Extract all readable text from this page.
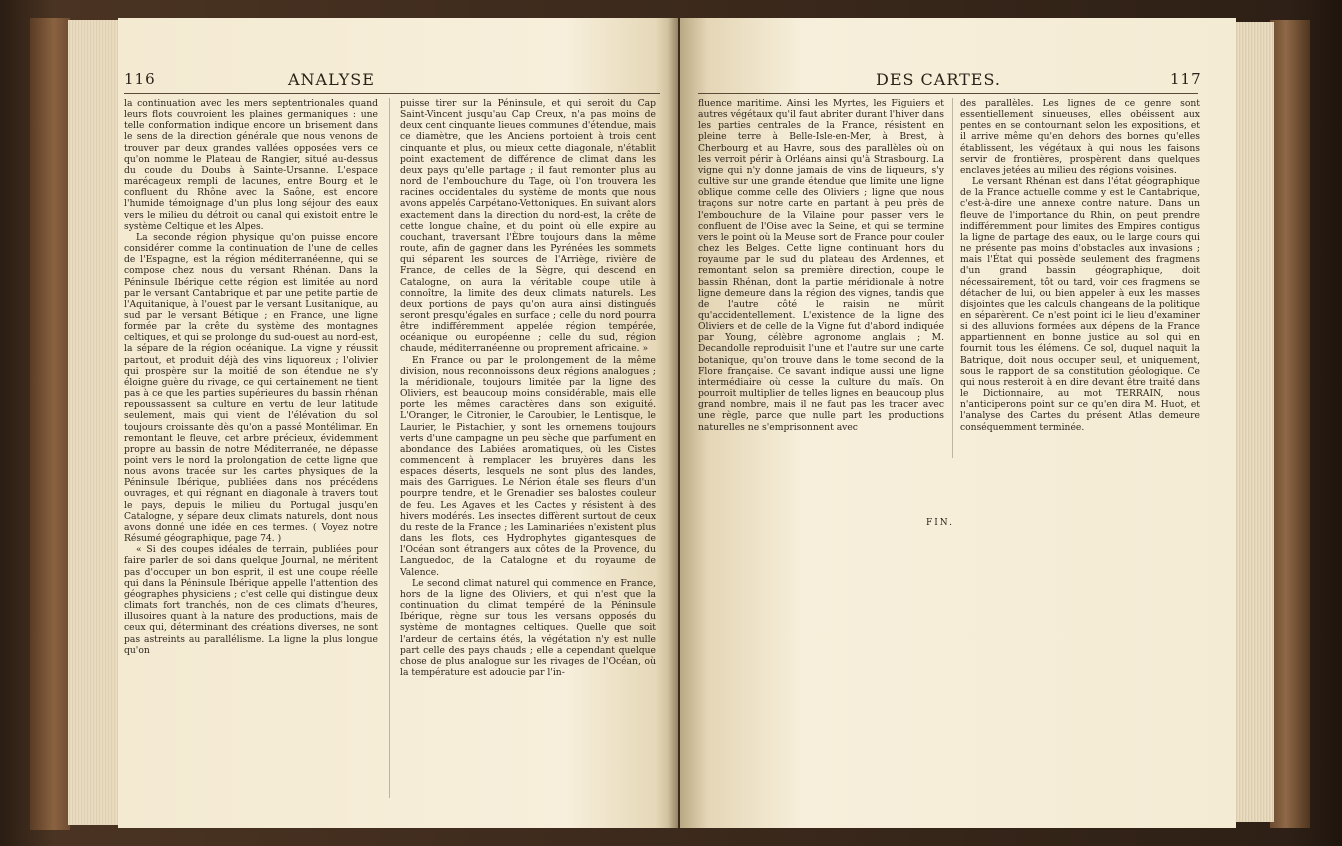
116	ANALYSE

la continuation avec les mers septentrionales quand leurs flots couvroient les plaines germaniques : une telle conformation indique encore un brisement dans le sens de la direction générale que nous venons de trouver par deux grandes vallées opposées vers ce qu'on nomme le Plateau de Rangier, situé au-dessus du coude du Doubs à Sainte-Ursanne. L'espace marécageux rempli de lacunes, entre Bourg et le confluent du Rhône avec la Saône, est encore l'humide témoignage d'un plus long séjour des eaux vers le milieu du détroit ou canal qui existoit entre le système Celtique et les Alpes.

La seconde région physique qu'on puisse encore considérer comme la continuation de l'une de celles de l'Espagne, est la région méditerranéenne, qui se compose chez nous du versant Rhénan. Dans la Péninsule Ibérique cette région est limitée au nord par le versant Cantabrique et par une petite partie de l'Aquitanique, à l'ouest par le versant Lusitanique, au sud par le versant Bétique ; en France, une ligne formée par la crête du système des montagnes celtiques, et qui se prolonge du sud-ouest au nord-est, la sépare de la région océanique. La vigne y réussit partout, et produit déjà des vins liquoreux ; l'olivier qui prospère sur la moitié de son étendue ne s'y éloigne guère du rivage, ce qui certainement ne tient pas à ce que les parties supérieures du bassin rhénan repoussassent sa culture en vertu de leur latitude seulement, mais qui vient de l'élévation du sol toujours croissante dès qu'on a passé Montélimar. En remontant le fleuve, cet arbre précieux, évidemment propre au bassin de notre Méditerranée, ne dépasse point vers le nord la prolongation de cette ligne que nous avons tracée sur les cartes physiques de la Péninsule Ibérique, publiées dans nos précédens ouvrages, et qui régnant en diagonale à travers tout le pays, depuis le milieu du Portugal jusqu'en Catalogne, y sépare deux climats naturels, dont nous avons donné une idée en ces termes. ( Voyez notre Résumé géographique, page 74. )

« Si des coupes idéales de terrain, publiées pour faire parler de soi dans quelque Journal, ne méritent pas d'occuper un bon esprit, il est une coupe réelle qui dans la Péninsule Ibérique appelle l'attention des géographes physiciens ; c'est celle qui distingue deux climats fort tranchés, non de ces climats d'heures, illusoires quant à la nature des productions, mais de ceux qui, déterminant des créations diverses, ne sont pas astreints au parallélisme. La ligne la plus longue qu'on

puisse tirer sur la Péninsule, et qui seroit du Cap Saint-Vincent jusqu'au Cap Creux, n'a pas moins de deux cent cinquante lieues communes d'étendue, mais ce diamètre, que les Anciens portoient à trois cent cinquante et plus, ou mieux cette diagonale, n'établit point exactement de différence de climat dans les deux pays qu'elle partage ; il faut remonter plus au nord de l'embouchure du Tage, où l'on trouvera les racines occidentales du système de monts que nous avons appelés Carpétano-Vettoniques. En suivant alors exactement dans la direction du nord-est, la crête de cette longue chaîne, et du point où elle expire au couchant, traversant l'Èbre toujours dans la même route, afin de gagner dans les Pyrénées les sommets qui séparent les sources de l'Arriège, rivière de France, de celles de la Sègre, qui descend en Catalogne, on aura la véritable coupe utile à connoître, la limite des deux climats naturels. Les deux portions de pays qu'on aura ainsi distingués seront presqu'égales en surface ; celle du nord pourra être indifféremment appelée région tempérée, océanique ou européenne ; celle du sud, région chaude, méditerranéenne ou proprement africaine. »

En France ou par le prolongement de la même division, nous reconnoissons deux régions analogues ; la méridionale, toujours limitée par la ligne des Oliviers, est beaucoup moins considérable, mais elle porte les mêmes caractères dans son exiguité. L'Oranger, le Citronier, le Caroubier, le Lentisque, le Laurier, le Pistachier, y sont les ornemens toujours verts d'une campagne un peu sèche que parfument en abondance des Labiées aromatiques, où les Cistes commencent à remplacer les bruyères dans les espaces déserts, lesquels ne sont plus des landes, mais des Garrigues. Le Nérion étale ses fleurs d'un pourpre tendre, et le Grenadier ses balostes couleur de feu. Les Agaves et les Cactes y résistent à des hivers modérés. Les insectes diffèrent surtout de ceux du reste de la France ; les Laminariées n'existent plus dans les flots, ces Hydrophytes gigantesques de l'Océan sont étrangers aux côtes de la Provence, du Languedoc, de la Catalogne et du royaume de Valence.

Le second climat naturel qui commence en France, hors de la ligne des Oliviers, et qui n'est que la continuation du climat tempéré de la Péninsule Ibérique, règne sur tous les versans opposés du système de montagnes celtiques. Quelle que soit l'ardeur de certains étés, la végétation n'y est nulle part celle des pays chauds ; elle a cependant quelque chose de plus analogue sur les rivages de l'Océan, où la température est adoucie par l'in-

DES CARTES.	117

fluence maritime. Ainsi les Myrtes, les Figuiers et autres végétaux qu'il faut abriter durant l'hiver dans les parties centrales de la France, résistent en pleine terre à Belle-Isle-en-Mer, à Brest, à Cherbourg et au Havre, sous des parallèles où on les verroit périr à Orléans ainsi qu'à Strasbourg. La vigne qui n'y donne jamais de vins de liqueurs, s'y cultive sur une grande étendue que limite une ligne oblique comme celle des Oliviers ; ligne que nous traçons sur notre carte en partant à peu près de l'embouchure de la Vilaine pour passer vers le confluent de l'Oise avec la Seine, et qui se termine vers le point où la Meuse sort de France pour couler chez les Belges. Cette ligne continuant hors du royaume par le sud du plateau des Ardennes, et remontant selon sa première direction, coupe le bassin Rhénan, dont la partie méridionale à notre ligne demeure dans la région des vignes, tandis que de l'autre côté le raisin ne mûrit qu'accidentellement. L'existence de la ligne des Oliviers et de celle de la Vigne fut d'abord indiquée par Young, célèbre agronome anglais ; M. Decandolle reproduisit l'une et l'autre sur une carte botanique, qu'on trouve dans le tome second de la Flore française. Ce savant indique aussi une ligne intermédiaire où cesse la culture du maïs. On pourroit multiplier de telles lignes en beaucoup plus grand nombre, mais il ne faut pas les tracer avec une règle, parce que nulle part les productions naturelles ne s'emprisonnent avec

des parallèles. Les lignes de ce genre sont essentiellement sinueuses, elles obéissent aux pentes en se contournant selon les expositions, et il arrive même qu'en dehors des bornes qu'elles établissent, les végétaux à qui nous les faisons servir de frontières, prospèrent dans quelques enclaves jetées au milieu des régions voisines.

Le versant Rhénan est dans l'état géographique de la France actuelle comme y est le Cantabrique, c'est-à-dire une annexe contre nature. Dans un fleuve de l'importance du Rhin, on peut prendre indifféremment pour limites des Empires contigus la ligne de partage des eaux, ou le large cours qui ne présente pas moins d'obstacles aux invasions ; mais l'État qui possède seulement des fragmens d'un grand bassin géographique, doit nécessairement, tôt ou tard, voir ces fragmens se détacher de lui, ou bien appeler à eux les masses disjointes que les calculs changeans de la politique en séparèrent. Ce n'est point ici le lieu d'examiner si des alluvions formées aux dépens de la France appartiennent en bonne justice au sol qui en fournit tous les élémens. Ce sol, duquel naquit la Batrique, doit nous occuper seul, et uniquement, sous le rapport de sa constitution géologique. Ce qui nous resteroit à en dire devant être traité dans le Dictionnaire, au mot TERRAIN, nous n'anticiperons point sur ce qu'en dira M. Huot, et l'analyse des Cartes du présent Atlas demeure conséquemment terminée.

FIN.
